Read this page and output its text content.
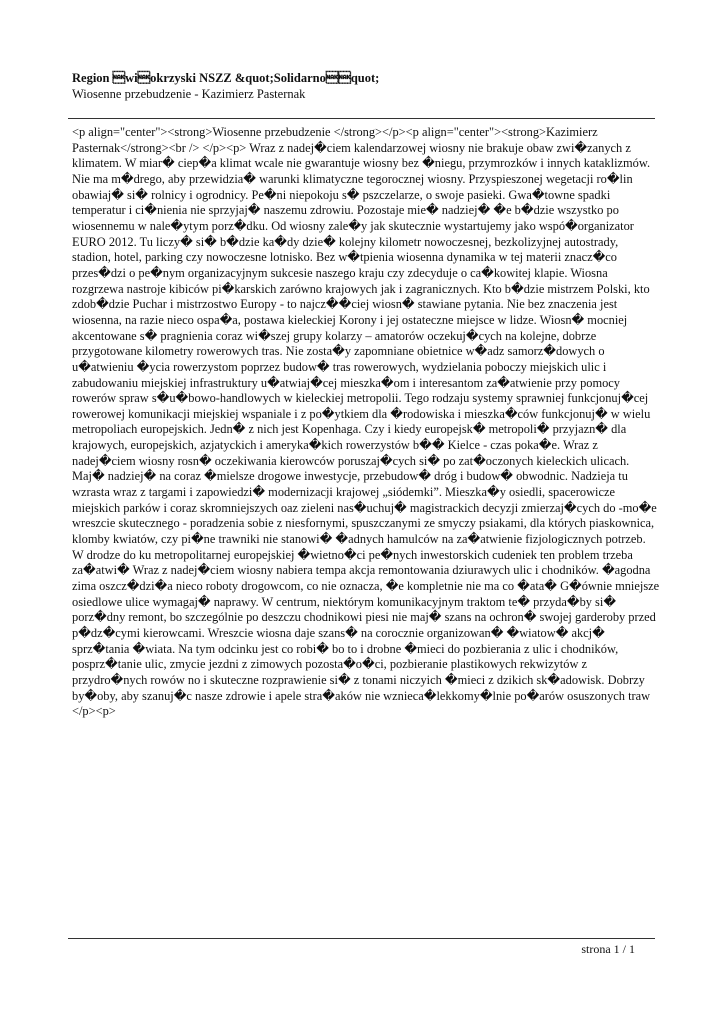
Region wiokrzyski NSZZ &quot;Solidarnoquot;

Wiosenne przebudzenie - Kazimierz Pasternak

<p align="center"><strong>Wiosenne przebudzenie </strong></p><p align="center"><strong>Kazimierz Pasternak</strong><br /> </p><p> Wraz z nadej�ciem kalendarzowej wiosny nie brakuje obaw zwi�zanych z klimatem. W miar� ciep�a klimat wcale nie gwarantuje wiosny bez �niegu, przymrozków i innych kataklizmów. Nie ma m�drego, aby przewidzia� warunki klimatyczne tegorocznej wiosny. Przyspieszonej wegetacji ro�lin obawiaj� si� rolnicy i ogrodnicy. Pe�ni niepokoju s� pszczelarze, o swoje pasieki. Gwa�towne spadki temperatur i ci�nienia nie sprzyjaj� naszemu zdrowiu. Pozostaje mie� nadziej� �e b�dzie wszystko po wiosennemu w nale�ytym porz�dku. Od wiosny zale�y jak skutecznie wystartujemy jako wspó�organizator EURO 2012. Tu liczy� si� b�dzie ka�dy dzie� kolejny kilometr nowoczesnej, bezkolizyjnej autostrady, stadion, hotel, parking czy nowoczesne lotnisko. Bez w�tpienia wiosenna dynamika w tej materii znacz�co przes�dzi o pe�nym organizacyjnym sukcesie naszego kraju czy zdecyduje o ca�kowitej klapie. Wiosna rozgrzewa nastroje kibiców pi�karskich zarówno krajowych jak i zagranicznych. Kto b�dzie mistrzem Polski, kto zdob�dzie Puchar i mistrzostwo Europy - to najcz��ciej wiosn� stawiane pytania. Nie bez znaczenia jest wiosenna, na razie nieco ospa�a, postawa kieleckiej Korony i jej ostateczne miejsce w lidze. Wiosn� mocniej akcentowane s� pragnienia coraz wi�szej grupy kolarzy – amatorów oczekuj�cych na kolejne, dobrze przygotowane kilometry rowerowych tras. Nie zosta�y zapomniane obietnice w�adz samorz�dowych o u�atwieniu �ycia rowerzystom poprzez budow� tras rowerowych, wydzielania poboczy miejskich ulic i zabudowaniu miejskiej infrastruktury u�atwiaj�cej mieszka�om i interesantom za�atwienie przy pomocy rowerów spraw s�u�bowo-handlowych w kieleckiej metropolii. Tego rodzaju systemy sprawniej funkcjonuj�cej rowerowej komunikacji miejskiej wspaniale i z po�ytkiem dla �rodowiska i mieszka�ców funkcjonuj� w wielu metropoliach europejskich. Jedn� z nich jest Kopenhaga. Czy i kiedy europejsk� metropoli� przyjazn� dla krajowych, europejskich, azjatyckich i ameryka�kich rowerzystów b�� Kielce - czas poka�e. Wraz z nadej�ciem wiosny rosn� oczekiwania kierowców poruszaj�cych si� po zat�oczonych kieleckich ulicach. Maj� nadziej� na coraz �mielsze drogowe inwestycje, przebudow� dróg i budow� obwodnic. Nadzieja tu wzrasta wraz z targami i zapowiedzi� modernizacji krajowej „siódemki”. Mieszka�y osiedli, spacerowicze miejskich parków i coraz skromniejszych oaz zieleni nas�uchuj� magistrackich decyzji zmierzaj�cych do -mo�e wreszcie skutecznego - poradzenia sobie z niesfornymi, spuszczanymi ze smyczy psiakami, dla których piaskownica, klomby kwiatów, czy pi�ne trawniki nie stanowi� �adnych hamulców na za�atwienie fizjologicznych potrzeb. W drodze do ku metropolitarnej europejskiej �wietno�ci pe�nych inwestorskich cudeniek ten problem trzeba za�atwi� Wraz z nadej�ciem wiosny nabiera tempa akcja remontowania dziurawych ulic i chodników. �agodna zima oszcz�dzi�a nieco roboty drogowcom, co nie oznacza, �e kompletnie nie ma co �ata� G�ównie mniejsze osiedlowe ulice wymagaj� naprawy. W centrum, niektórym komunikacyjnym traktom te� przyda�by si� porz�dny remont, bo szczególnie po deszczu chodnikowi piesi nie maj� szans na ochron� swojej garderoby przed p�dz�cymi kierowcami. Wreszcie wiosna daje szans� na corocznie organizowan� �wiatow� akcj� sprz�tania �wiata. Na tym odcinku jest co robi� bo to i drobne �mieci do pozbierania z ulic i chodników, posprz�tanie ulic, zmycie jezdni z zimowych pozosta�o�ci, pozbieranie plastikowych rekwizytów z przydro�nych rowów no i skuteczne rozprawienie si� z tonami niczyich �mieci z dzikich sk�adowisk. Dobrzy by�oby, aby szanuj�c nasze zdrowie i apele stra�aków nie wznieca�lekkomy�lnie po�arów osuszonych traw </p><p>

strona 1 / 1
